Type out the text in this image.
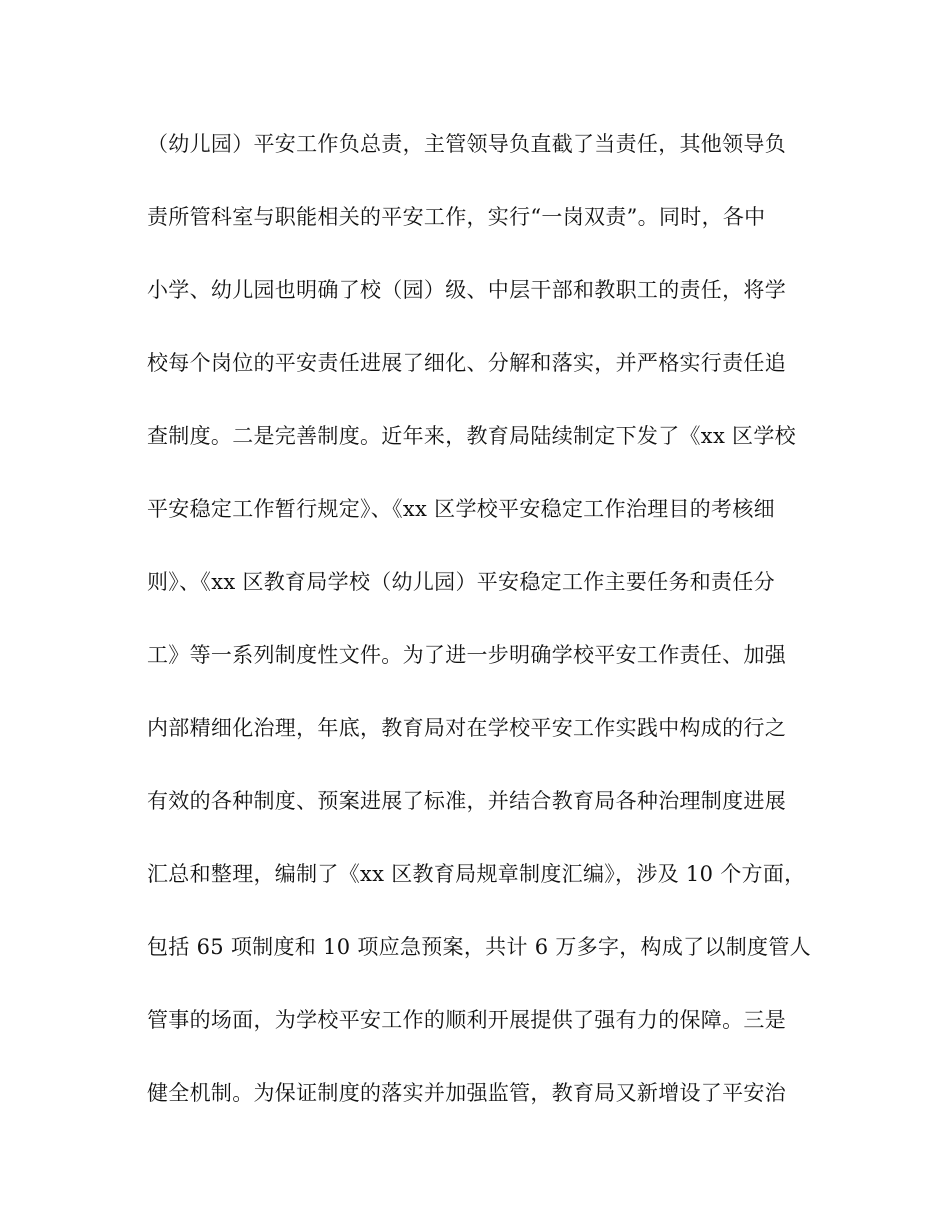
（幼儿园）平安工作负总责，主管领导负直截了当责任，其他领导负
责所管科室与职能相关的平安工作，实行“一岗双责”。同时，各中
小学、幼儿园也明确了校（园）级、中层干部和教职工的责任，将学
校每个岗位的平安责任进展了细化、分解和落实，并严格实行责任追
查制度。二是完善制度。近年来，教育局陆续制定下发了《xx 区学校
平安稳定工作暂行规定》、《xx 区学校平安稳定工作治理目的考核细
则》、《xx 区教育局学校（幼儿园）平安稳定工作主要任务和责任分
工》等一系列制度性文件。为了进一步明确学校平安工作责任、加强
内部精细化治理，年底，教育局对在学校平安工作实践中构成的行之
有效的各种制度、预案进展了标准，并结合教育局各种治理制度进展
汇总和整理，编制了《xx 区教育局规章制度汇编》，涉及 10 个方面，
包括 65 项制度和 10 项应急预案，共计 6 万多字，构成了以制度管人
管事的场面，为学校平安工作的顺利开展提供了强有力的保障。三是
健全机制。为保证制度的落实并加强监管，教育局又新增设了平安治
